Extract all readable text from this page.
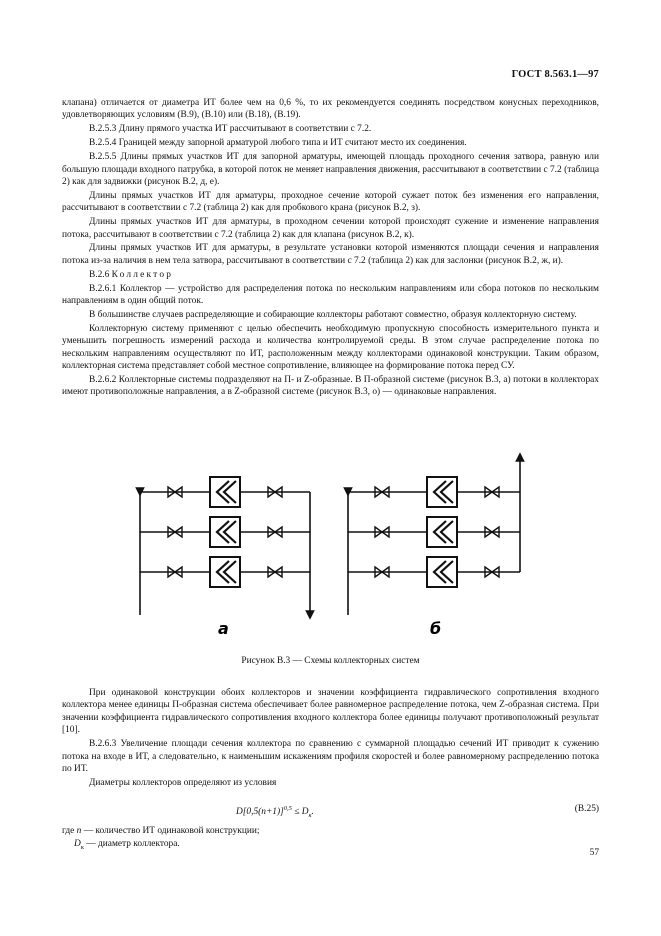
ГОСТ 8.563.1—97

клапана) отличается от диаметра ИТ более чем на 0,6 %, то их рекомендуется соединять посредством конусных переходников, удовлетворяющих условиям (В.9), (В.10) или (В.18), (В.19).

В.2.5.3 Длину прямого участка ИТ рассчитывают в соответствии с 7.2.

В.2.5.4 Границей между запорной арматурой любого типа и ИТ считают место их соединения.

В.2.5.5 Длины прямых участков ИТ для запорной арматуры, имеющей площадь проходного сечения затвора, равную или большую площади входного патрубка, в которой поток не меняет направления движения, рассчитывают в соответствии с 7.2 (таблица 2) как для задвижки (рисунок В.2, д, е).

Длины прямых участков ИТ для арматуры, проходное сечение которой сужает поток без изменения его направления, рассчитывают в соответствии с 7.2 (таблица 2) как для пробкового крана (рисунок В.2, з).

Длины прямых участков ИТ для арматуры, в проходном сечении которой происходят сужение и изменение направления потока, рассчитывают в соответствии с 7.2 (таблица 2) как для клапана (рисунок В.2, к).

Длины прямых участков ИТ для арматуры, в результате установки которой изменяются площади сечения и направления потока из-за наличия в нем тела затвора, рассчитывают в соответствии с 7.2 (таблица 2) как для заслонки (рисунок В.2, ж, и).

В.2.6 Коллектор

В.2.6.1 Коллектор — устройство для распределения потока по нескольким направлениям или сбора потоков по нескольким направлениям в один общий поток.

В большинстве случаев распределяющие и собирающие коллекторы работают совместно, образуя коллекторную систему.

Коллекторную систему применяют с целью обеспечить необходимую пропускную способность измерительного пункта и уменьшить погрешность измерений расхода и количества контролируемой среды. В этом случае распределение потока по нескольким направлениям осуществляют по ИТ, расположенным между коллекторами одинаковой конструкции. Таким образом, коллекторная система представляет собой местное сопротивление, влияющее на формирование потока перед СУ.

В.2.6.2 Коллекторные системы подразделяют на П- и Z-образные. В П-образной системе (рисунок В.3, а) потоки в коллекторах имеют противоположные направления, а в Z-образной системе (рисунок В.3, о) — одинаковые направления.

а	б
Рисунок В.3 — Схемы коллекторных систем

При одинаковой конструкции обоих коллекторов и значении коэффициента гидравлического сопротивления входного коллектора менее единицы П-образная система обеспечивает более равномерное распределение потока, чем Z-образная система. При значении коэффициента гидравлического сопротивления входного коллектора более единицы получают противоположный результат [10].

В.2.6.3 Увеличение площади сечения коллектора по сравнению с суммарной площадью сечений ИТ приводит к сужению потока на входе в ИТ, а следовательно, к наименьшим искажениям профиля скоростей и более равномерному распределению потока по ИТ.

Диаметры коллекторов определяют из условия

$D[0,5(n+1)]^{0,5} \le D_к$.	(В.25)

где n — количество ИТ одинаковой конструкции;

$D_к$ — диаметр коллектора.

57
